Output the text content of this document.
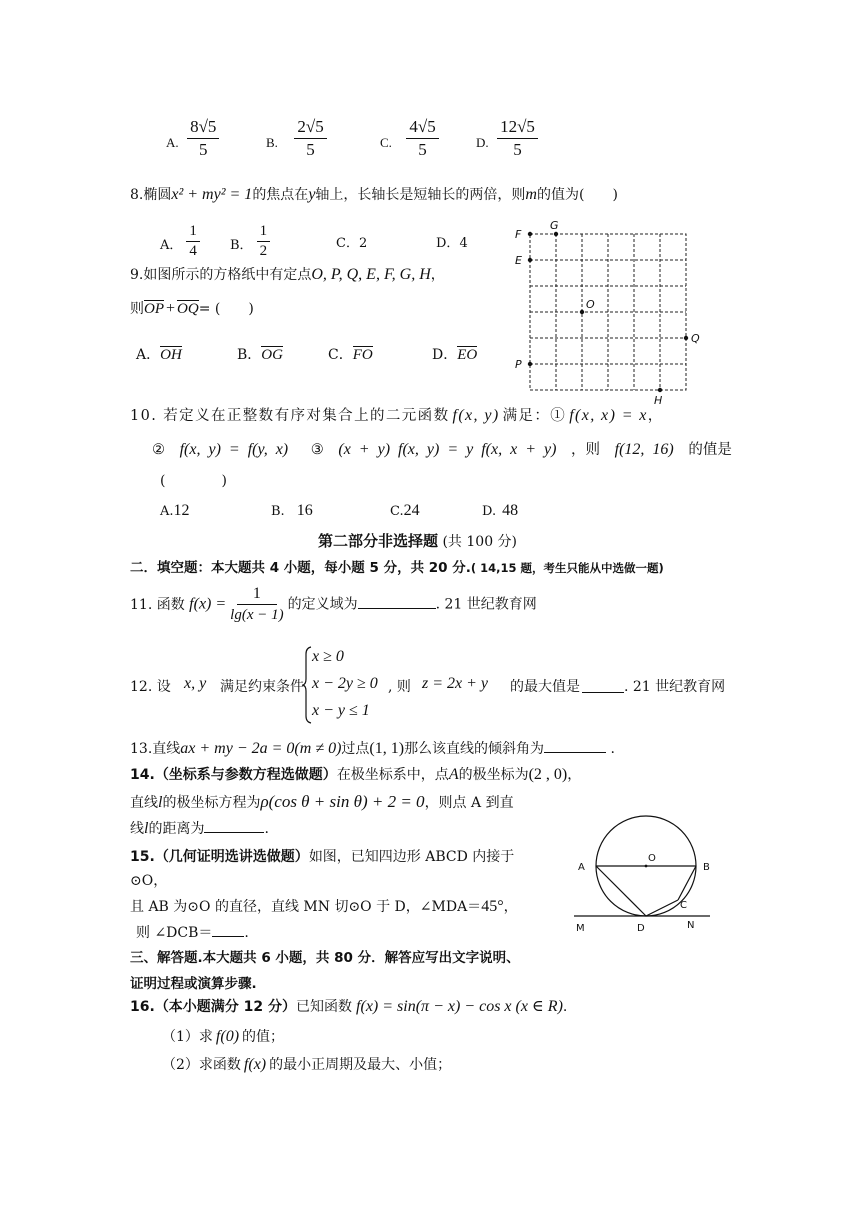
A. $\frac{8√5}{5}$	B. $\frac{2√5}{5}$	C. $\frac{4√5}{5}$	D. $\frac{12√5}{5}$
8.椭圆x² + my² = 1的焦点在y轴上，长轴长是短轴长的两倍，则m的值为(　　)
A． $\frac{1}{4}$ B． $\frac{1}{2}$	C．2	D．4
9.如图所示的方格纸中有定点O, P, Q, E, F, G, H，
则OP + OQ= (　　)
A．OH	B．OG	C．FO	D．EO
F
G
E
O
Q
P
H
10. 若定义在正整数有序对集合上的二元函数 f(x, y) 满足：① f(x, x) = x，
② f(x, y) = f(y, x) ③ (x + y) f(x, y) = y f(x, x + y) ，则 f(12, 16) 的值是
(　　　　)
A.12	B. 16	C.24	D. 48
第二部分非选择题 (共 100 分)
二．填空题：本大题共 4 小题，每小题 5 分，共 20 分.( 14,15 题，考生只能从中选做一题)
11. 函数 $f(x) = \frac{1}{\lg(x - 1)}$ 的定义域为	. 21 世纪教育网
12. 设 x, y 满足约束条件
x ≥ 0
x − 2y ≥ 0
x − y ≤ 1
, 则 z = 2x + y 的最大值是	. 21 世纪教育网
13.直线ax + my − 2a = 0(m ≠ 0)过点(1, 1)那么该直线的倾斜角为	.
14.（坐标系与参数方程选做题）在极坐标系中，点A的极坐标为(2 , 0)，
直线l的极坐标方程为ρ(cos θ + sin θ) + 2 = 0，则点 A 到直
线l的距离为	.
15.（几何证明选讲选做题）如图，已知四边形 ABCD 内接于
⊙O，
且 AB 为⊙O 的直径，直线 MN 切⊙O 于 D，∠MDA＝45°，
则 ∠DCB＝ .
A
O
B
C
M	D	N
三、解答题.本大题共 6 小题，共 80 分．解答应写出文字说明、
证明过程或演算步骤.
16.（本小题满分 12 分）已知函数 f(x) = sin(π − x) − cos x (x ∈ R).
（1）求 f(0) 的值；
（2）求函数 f(x) 的最小正周期及最大、小值；
